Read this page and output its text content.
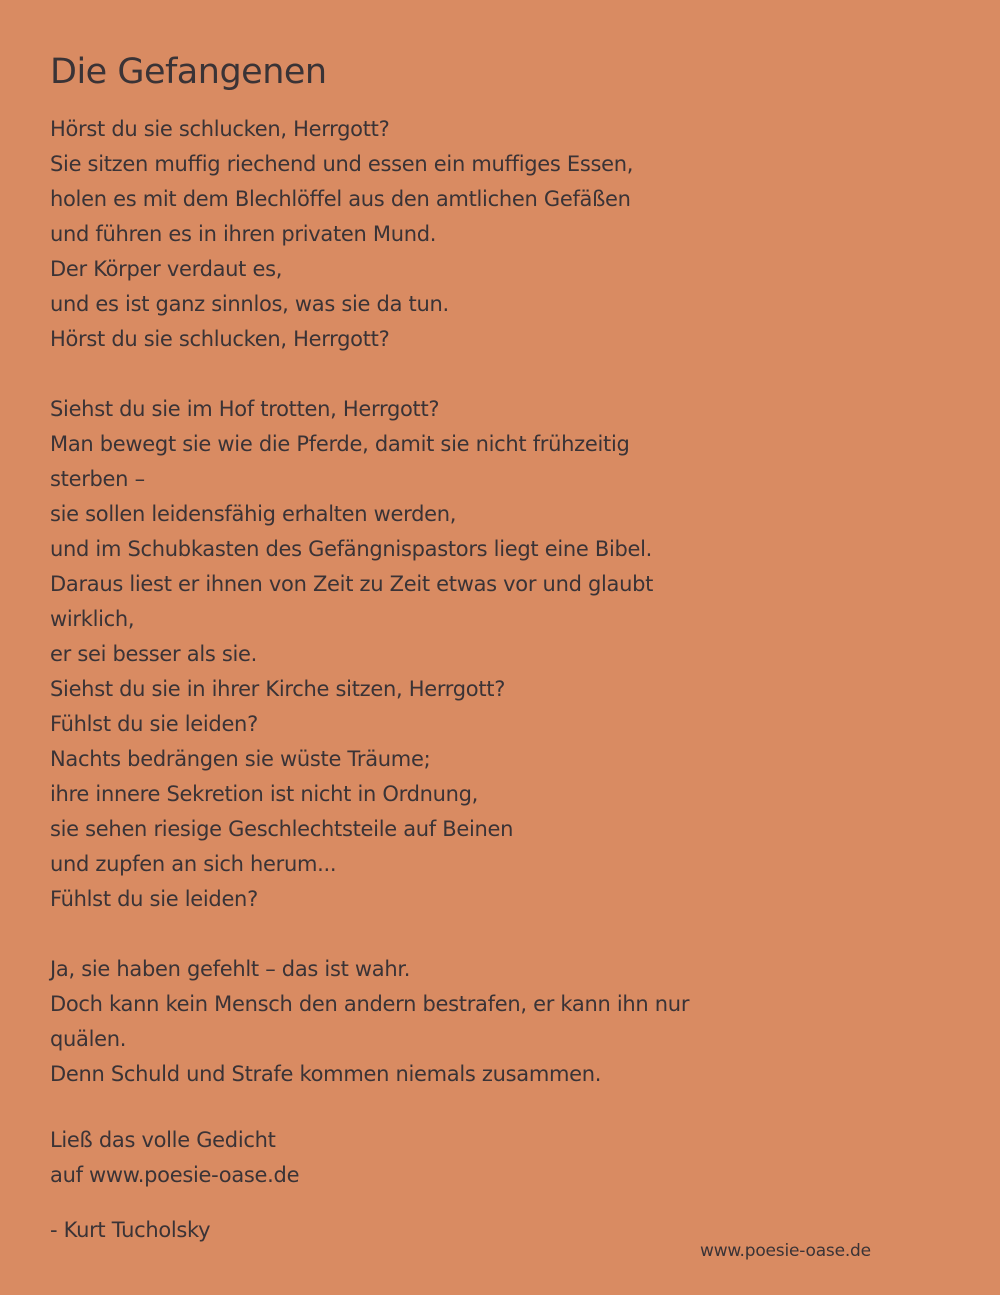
Die Gefangenen
Hörst du sie schlucken, Herrgott?
Sie sitzen muffig riechend und essen ein muffiges Essen,
holen es mit dem Blechlöffel aus den amtlichen Gefäßen
und führen es in ihren privaten Mund.
Der Körper verdaut es,
und es ist ganz sinnlos, was sie da tun.
Hörst du sie schlucken, Herrgott?
Siehst du sie im Hof trotten, Herrgott?
Man bewegt sie wie die Pferde, damit sie nicht frühzeitig
sterben –
sie sollen leidensfähig erhalten werden,
und im Schubkasten des Gefängnispastors liegt eine Bibel.
Daraus liest er ihnen von Zeit zu Zeit etwas vor und glaubt
wirklich,
er sei besser als sie.
Siehst du sie in ihrer Kirche sitzen, Herrgott?
Fühlst du sie leiden?
Nachts bedrängen sie wüste Träume;
ihre innere Sekretion ist nicht in Ordnung,
sie sehen riesige Geschlechtsteile auf Beinen
und zupfen an sich herum...
Fühlst du sie leiden?
Ja, sie haben gefehlt – das ist wahr.
Doch kann kein Mensch den andern bestrafen, er kann ihn nur
quälen.
Denn Schuld und Strafe kommen niemals zusammen.
Ließ das volle Gedicht
auf www.poesie-oase.de
- Kurt Tucholsky
www.poesie-oase.de
